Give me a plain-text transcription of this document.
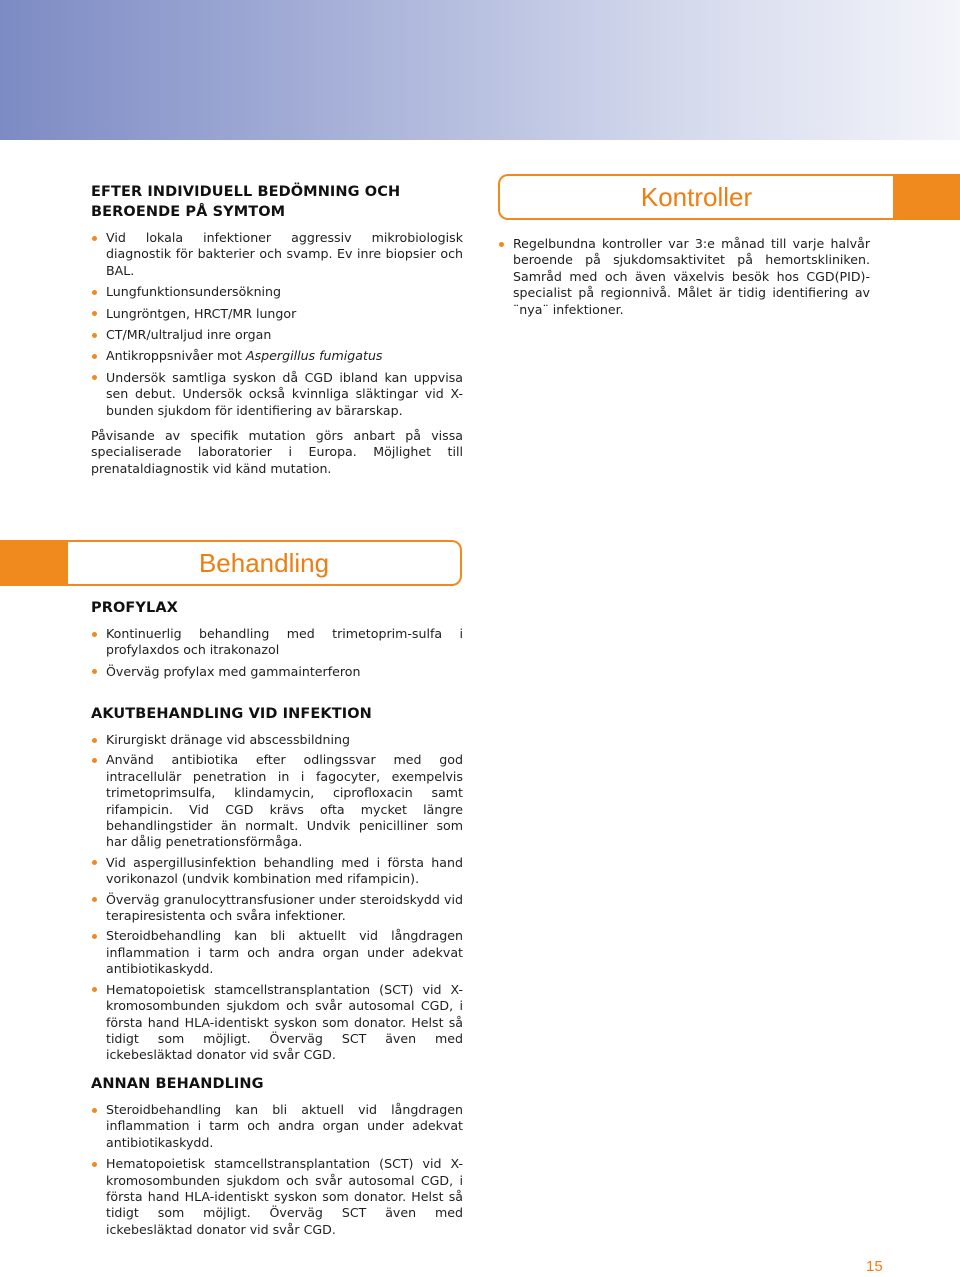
EFTER INDIVIDUELL BEDÖMNING OCH
BEROENDE PÅ SYMTOM
Vid lokala infektioner aggressiv mikrobiologisk diagnostik för bakterier och svamp. Ev inre biopsier och BAL.
Lungfunktionsundersökning
Lungröntgen, HRCT/MR lungor
CT/MR/ultraljud inre organ
Antikroppsnivåer mot Aspergillus fumigatus
Undersök samtliga syskon då CGD ibland kan uppvisa sen debut. Undersök också kvinnliga släktingar vid X-bunden sjukdom för identifiering av bärarskap.

Påvisande av specifik mutation görs anbart på vissa specialiserade laboratorier i Europa. Möjlighet till prenataldiagnostik vid känd mutation.

Kontroller
Regelbundna kontroller var 3:e månad till varje halvår beroende på sjukdomsaktivitet på hemortskliniken. Samråd med och även växelvis besök hos CGD(PID)-specialist på regionnivå. Målet är tidig identifiering av ¨nya¨ infektioner.
Behandling
PROFYLAX
Kontinuerlig behandling med trimetoprim-sulfa i profylaxdos och itrakonazol
Överväg profylax med gammainterferon
AKUTBEHANDLING VID INFEKTION
Kirurgiskt dränage vid abscessbildning
Använd antibiotika efter odlingssvar med god intracellulär penetration in i fagocyter, exempelvis trimetoprimsulfa, klindamycin, ciprofloxacin samt rifampicin. Vid CGD krävs ofta mycket längre behandlingstider än normalt. Undvik penicilliner som har dålig penetrationsförmåga.
Vid aspergillusinfektion behandling med i första hand vorikonazol (undvik kombination med rifampicin).
Överväg granulocyttransfusioner under steroidskydd vid terapiresistenta och svåra infektioner.
Steroidbehandling kan bli aktuellt vid långdragen inflammation i tarm och andra organ under adekvat antibiotikaskydd.
Hematopoietisk stamcellstransplantation (SCT) vid X-kromosombunden sjukdom och svår autosomal CGD, i första hand HLA-identiskt syskon som donator. Helst så tidigt som möjligt. Överväg SCT även med ickebesläktad donator vid svår CGD.
ANNAN BEHANDLING
Steroidbehandling kan bli aktuell vid långdragen inflammation i tarm och andra organ under adekvat antibiotikaskydd.
Hematopoietisk stamcellstransplantation (SCT) vid X-kromosombunden sjukdom och svår autosomal CGD, i första hand HLA-identiskt syskon som donator. Helst så tidigt som möjligt. Överväg SCT även med ickebesläktad donator vid svår CGD.
15
